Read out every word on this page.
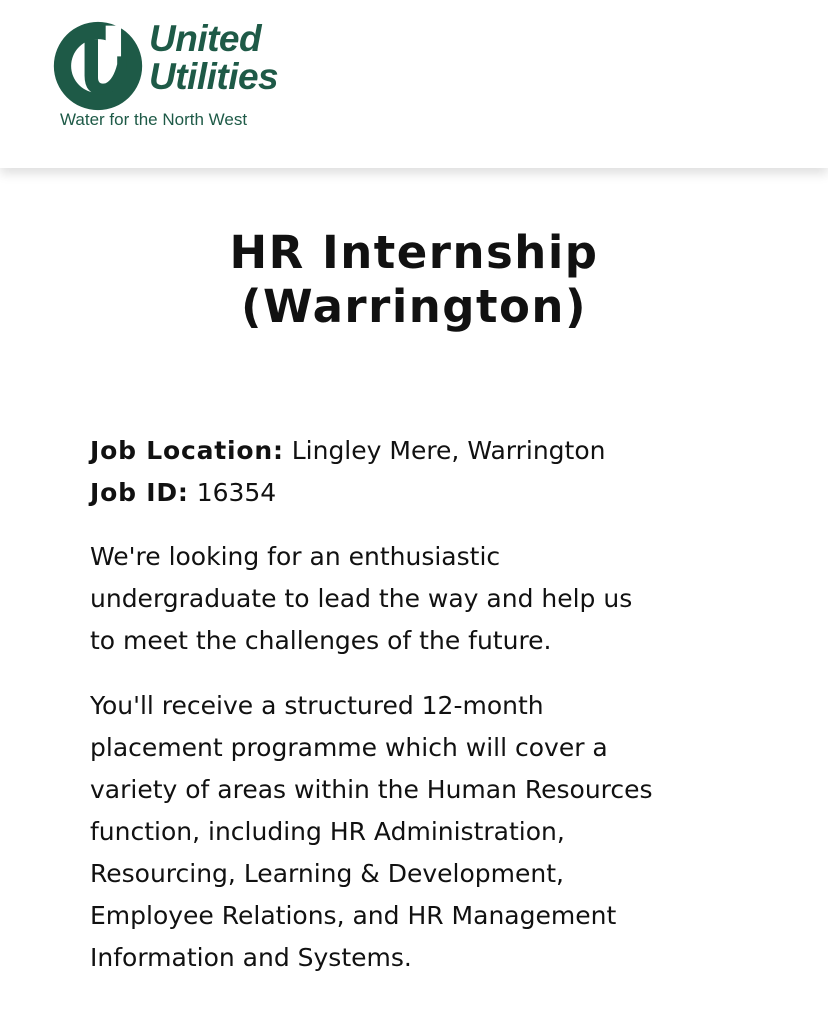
United
Utilities
Water for the North West
HR Internship
(Warrington)
Job Location: Lingley Mere, Warrington
Job ID: 16354
We're looking for an enthusiastic
undergraduate to lead the way and help us
to meet the challenges of the future.
You'll receive a structured 12-month
placement programme which will cover a
variety of areas within the Human Resources
function, including HR Administration,
Resourcing, Learning & Development,
Employee Relations, and HR Management
Information and Systems.
